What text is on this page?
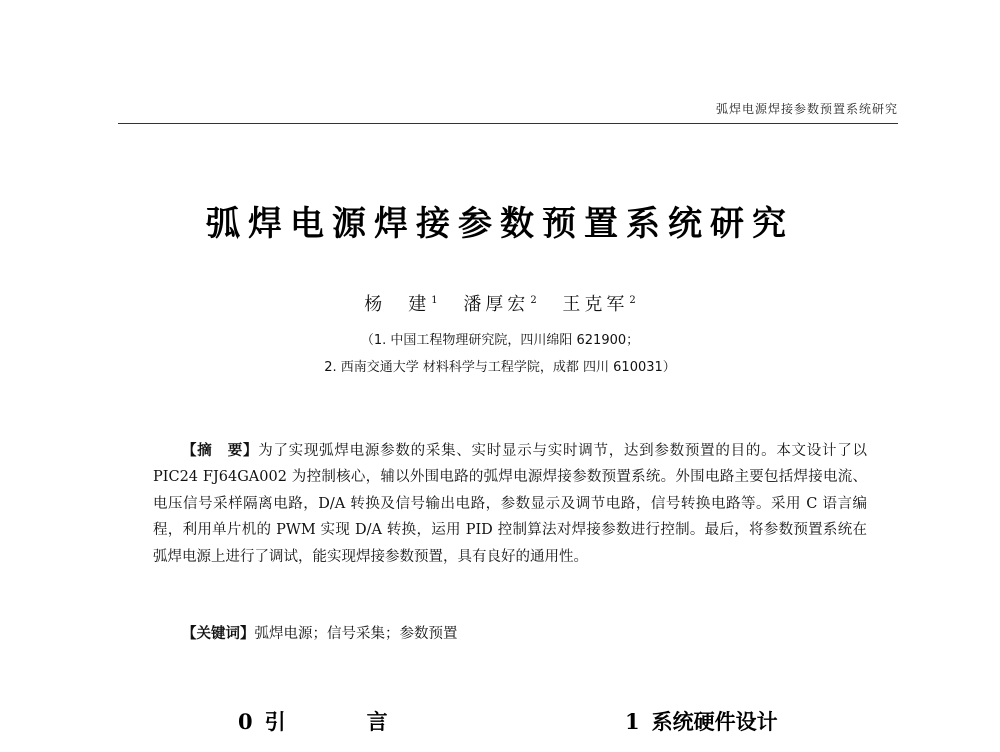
弧焊电源焊接参数预置系统研究
弧焊电源焊接参数预置系统研究
杨　建$^1$ 潘厚宏$^2$ 王克军$^2$
（1. 中国工程物理研究院，四川绵阳 621900；
2. 西南交通大学 材料科学与工程学院，成都 四川 610031）
【摘　要】为了实现弧焊电源参数的采集、实时显示与实时调节，达到参数预置的目的。本文设计了以 PIC24 FJ64GA002 为控制核心，辅以外围电路的弧焊电源焊接参数预置系统。外围电路主要包括焊接电流、电压信号采样隔离电路，D/A 转换及信号输出电路，参数显示及调节电路，信号转换电路等。采用 C 语言编程，利用单片机的 PWM 实现 D/A 转换，运用 PID 控制算法对焊接参数进行控制。最后，将参数预置系统在弧焊电源上进行了调试，能实现焊接参数预置，具有良好的通用性。
【关键词】弧焊电源；信号采集；参数预置
0 引　言	1 系统硬件设计
